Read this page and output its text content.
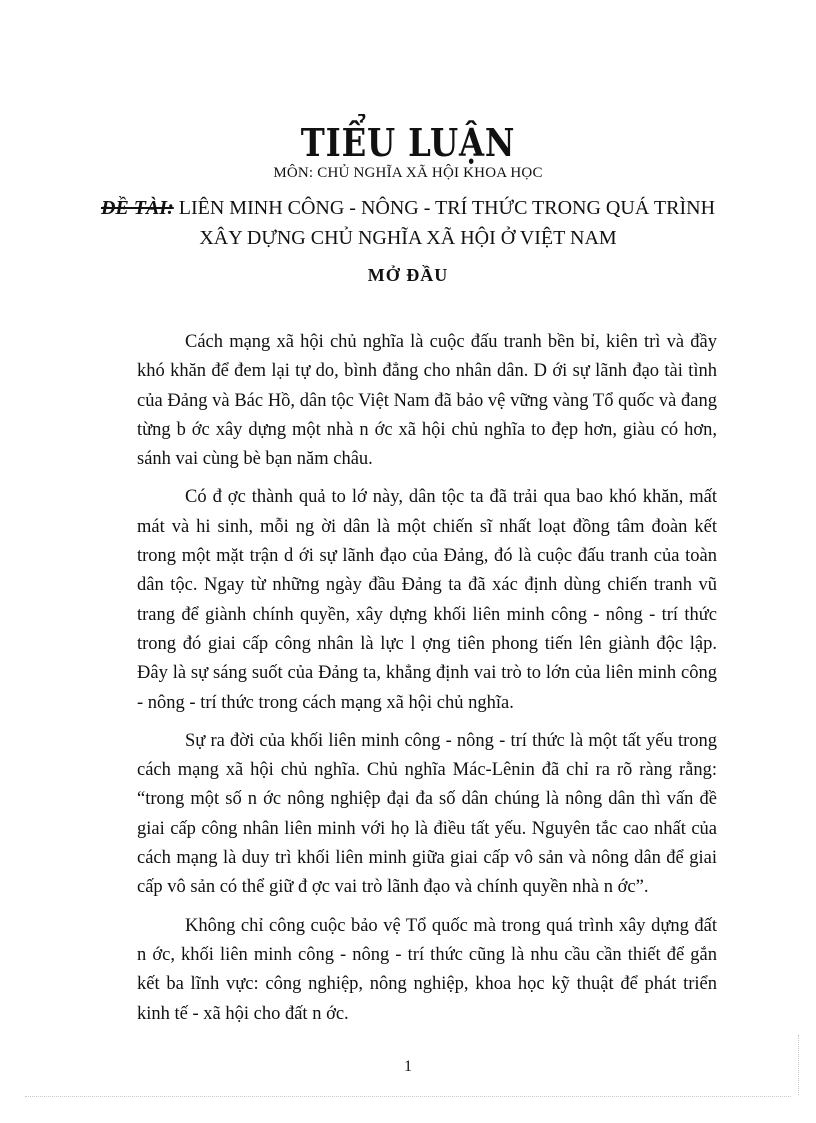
TIỂU LUẬN
MÔN: CHỦ NGHĨA XÃ HỘI KHOA HỌC
ĐỀ TÀI: LIÊN MINH CÔNG - NÔNG - TRÍ THỨC TRONG QUÁ TRÌNH
XÂY DỰNG CHỦ NGHĨA XÃ HỘI Ở VIỆT NAM
MỞ ĐẦU

Cách mạng xã hội chủ nghĩa là cuộc đấu tranh bền bỉ, kiên trì và đầy khó khăn để đem lại tự do, bình đẳng cho nhân dân. D ới sự lãnh đạo tài tình của Đảng và Bác Hồ, dân tộc Việt Nam đã bảo vệ vững vàng Tổ quốc và đang từng b ớc xây dựng một nhà n ớc xã hội chủ nghĩa to đẹp hơn, giàu có hơn, sánh vai cùng bè bạn năm châu.

Có đ ợc thành quả to lớ này, dân tộc ta đã trải qua bao khó khăn, mất mát và hi sinh, mỗi ng ời dân là một chiến sĩ nhất loạt đồng tâm đoàn kết trong một mặt trận d ới sự lãnh đạo của Đảng, đó là cuộc đấu tranh của toàn dân tộc. Ngay từ những ngày đầu Đảng ta đã xác định dùng chiến tranh vũ trang để giành chính quyền, xây dựng khối liên minh công - nông - trí thức trong đó giai cấp công nhân là lực l ợng tiên phong tiến lên giành độc lập. Đây là sự sáng suốt của Đảng ta, khẳng định vai trò to lớn của liên minh công - nông - trí thức trong cách mạng xã hội chủ nghĩa.

Sự ra đời của khối liên minh công - nông - trí thức là một tất yếu trong cách mạng xã hội chủ nghĩa. Chủ nghĩa Mác-Lênin đã chỉ ra rõ ràng rằng: “trong một số n ớc nông nghiệp đại đa số dân chúng là nông dân thì vấn đề giai cấp công nhân liên minh với họ là điều tất yếu. Nguyên tắc cao nhất của cách mạng là duy trì khối liên minh giữa giai cấp vô sản và nông dân để giai cấp vô sản có thể giữ đ ợc vai trò lãnh đạo và chính quyền nhà n ớc”.

Không chỉ công cuộc bảo vệ Tổ quốc mà trong quá trình xây dựng đất n ớc, khối liên minh công - nông - trí thức cũng là nhu cầu cần thiết để gắn kết ba lĩnh vực: công nghiệp, nông nghiệp, khoa học kỹ thuật để phát triển kinh tế - xã hội cho đất n ớc.

1
